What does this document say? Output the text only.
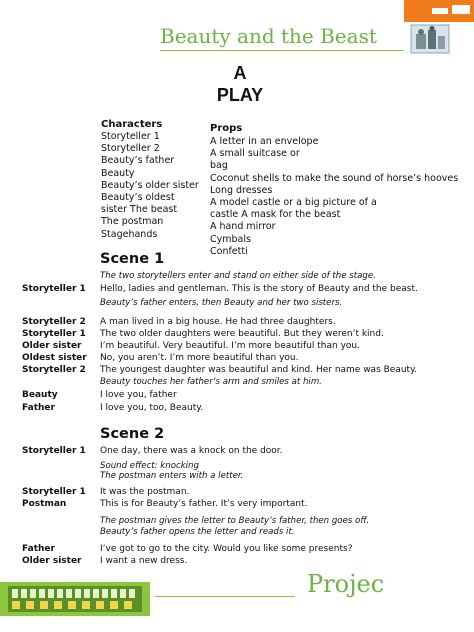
Beauty and the Beast
A
PLAY
Characters
Storyteller 1
Storyteller 2
Beauty’s father
Beauty
Beauty’s older sister
Beauty’s oldest
sister The beast
The postman
Stagehands
Props
A letter in an envelope
A small suitcase or
bag
Coconut shells to make the sound of horse’s hooves
Long dresses
A model castle or a big picture of a
castle A mask for the beast
A hand mirror
Cymbals
Confetti
Scene 1
The two storytellers enter and stand on either side of the stage.
Storyteller 1	Hello, ladies and gentleman. This is the story of Beauty and the beast.
Beauty’s father enters, then Beauty and her two sisters.
Storyteller 2	A man lived in a big house. He had three daughters.
Storyteller 1	The two older daughters were beautiful. But they weren’t kind.
Older sister	I’m beautiful. Very beautiful. I’m more beautiful than you.
Oldest sister	No, you aren’t. I’m more beautiful than you.
Storyteller 2	The youngest daughter was beautiful and kind. Her name was Beauty.
Beauty touches her father’s arm and smiles at him.
Beauty	I love you, father
Father	I love you, too, Beauty.
Scene 2
Storyteller 1	One day, there was a knock on the door.
Sound effect: knocking
The postman enters with a letter.
Storyteller 1	It was the postman.
Postman	This is for Beauty’s father. It’s very important.
The postman gives the letter to Beauty’s father, then goes off.
Beauty’s father opens the letter and reads it.
Father	I’ve got to go to the city. Would you like some presents?
Older sister	I want a new dress.
Projec
